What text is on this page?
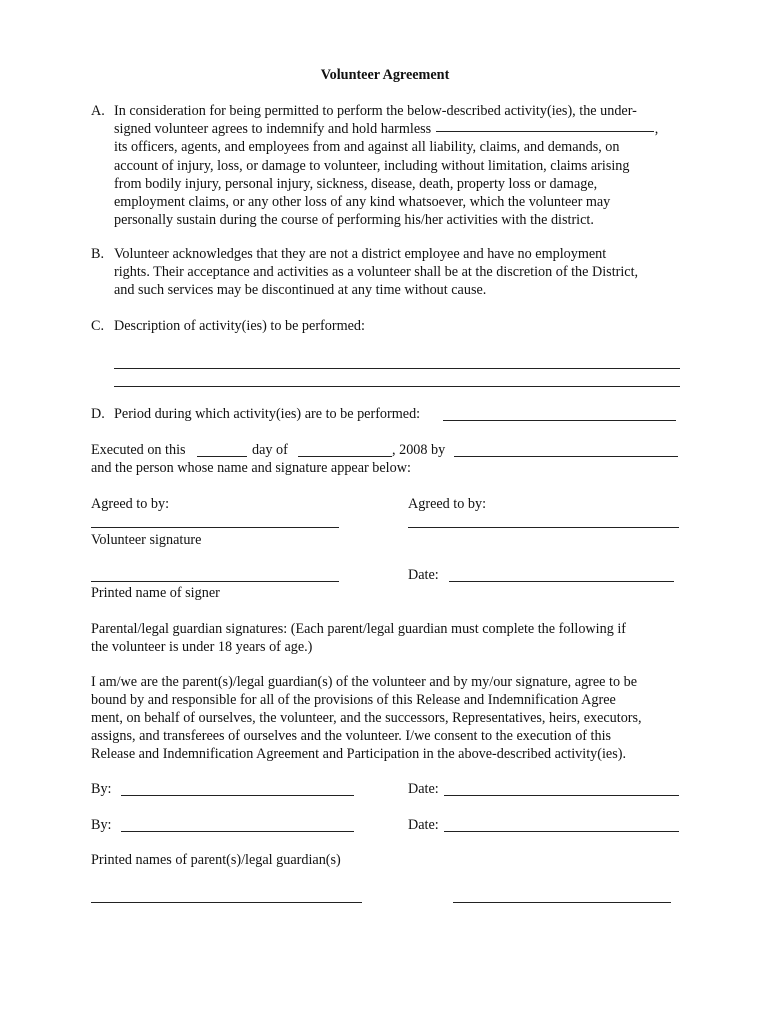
Volunteer Agreement
A. In consideration for being permitted to perform the below-described activity(ies), the under-
signed volunteer agrees to indemnify and hold harmless	,
its officers, agents, and employees from and against all liability, claims, and demands, on
account of injury, loss, or damage to volunteer, including without limitation, claims arising
from bodily injury, personal injury, sickness, disease, death, property loss or damage,
employment claims, or any other loss of any kind whatsoever, which the volunteer may
personally sustain during the course of performing his/her activities with the district.
B. Volunteer acknowledges that they are not a district employee and have no employment
rights. Their acceptance and activities as a volunteer shall be at the discretion of the District,
and such services may be discontinued at any time without cause.
C. Description of activity(ies) to be performed:
D. Period during which activity(ies) are to be performed:
Executed on this	day of	, 2008 by
and the person whose name and signature appear below:
Agreed to by:	Agreed to by:
Volunteer signature
Date:
Printed name of signer
Parental/legal guardian signatures: (Each parent/legal guardian must complete the following if
the volunteer is under 18 years of age.)
I am/we are the parent(s)/legal guardian(s) of the volunteer and by my/our signature, agree to be
bound by and responsible for all of the provisions of this Release and Indemnification Agree
ment, on behalf of ourselves, the volunteer, and the successors, Representatives, heirs, executors,
assigns, and transferees of ourselves and the volunteer. I/we consent to the execution of this
Release and Indemnification Agreement and Participation in the above-described activity(ies).
By:	Date:
By:	Date:
Printed names of parent(s)/legal guardian(s)
